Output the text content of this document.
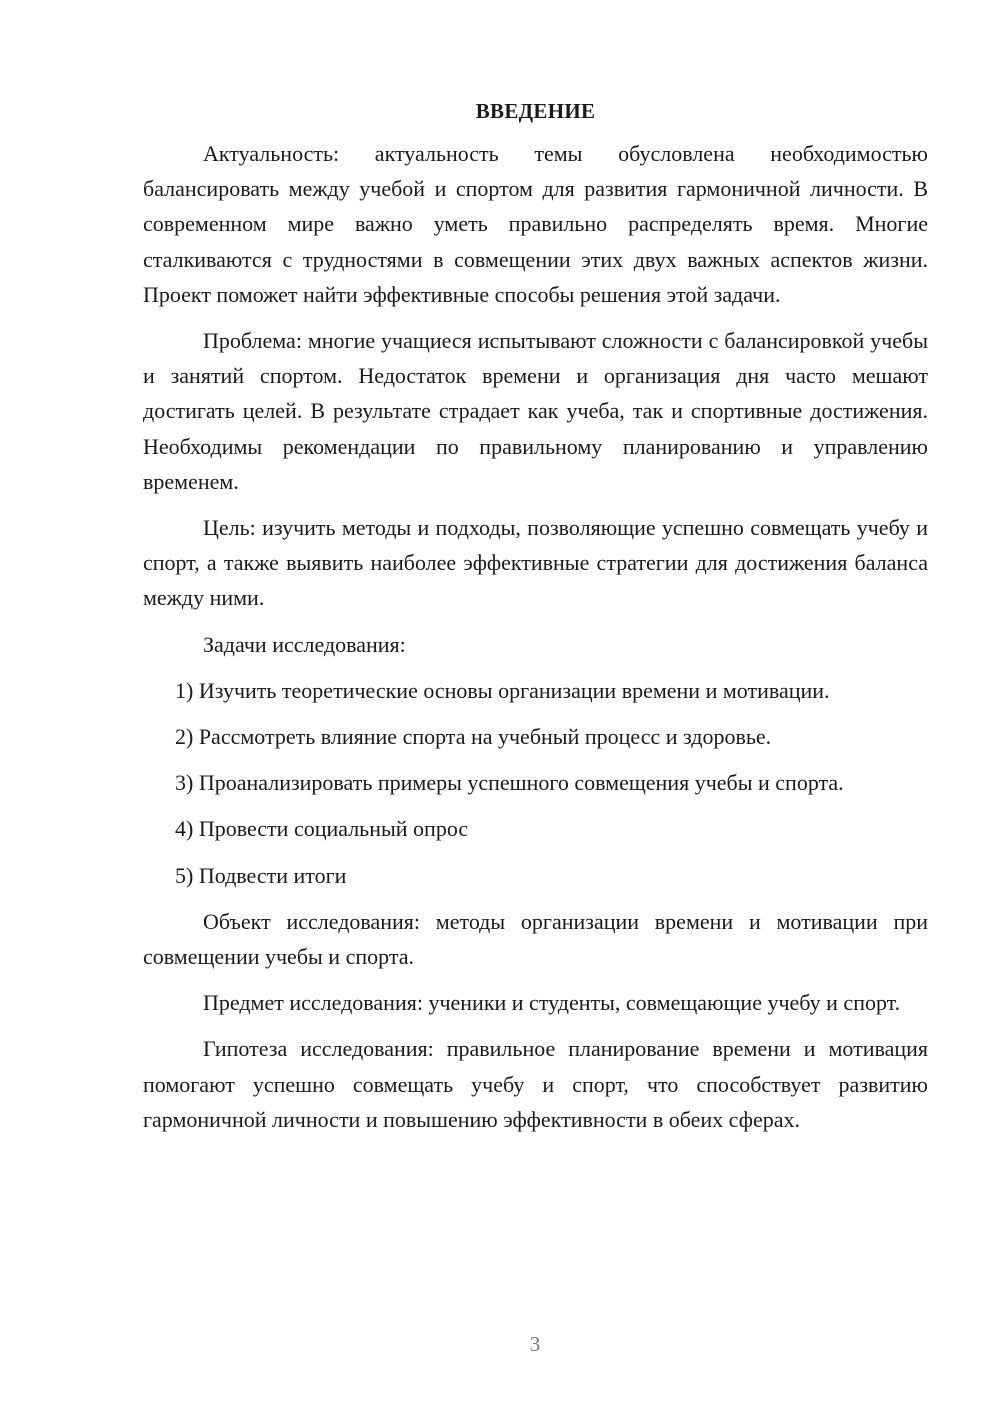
ВВЕДЕНИЕ

Актуальность: актуальность темы обусловлена необходимостью балансировать между учебой и спортом для развития гармоничной личности. В современном мире важно уметь правильно распределять время. Многие сталкиваются с трудностями в совмещении этих двух важных аспектов жизни. Проект поможет найти эффективные способы решения этой задачи.

Проблема: многие учащиеся испытывают сложности с балансировкой учебы и занятий спортом. Недостаток времени и организация дня часто мешают достигать целей. В результате страдает как учеба, так и спортивные достижения. Необходимы рекомендации по правильному планированию и управлению временем.

Цель: изучить методы и подходы, позволяющие успешно совмещать учебу и спорт, а также выявить наиболее эффективные стратегии для достижения баланса между ними.

Задачи исследования:

1) Изучить теоретические основы организации времени и мотивации.

2) Рассмотреть влияние спорта на учебный процесс и здоровье.

3) Проанализировать примеры успешного совмещения учебы и спорта.

4) Провести социальный опрос

5) Подвести итоги

Объект исследования: методы организации времени и мотивации при совмещении учебы и спорта.

Предмет исследования: ученики и студенты, совмещающие учебу и спорт.

Гипотеза исследования: правильное планирование времени и мотивация помогают успешно совмещать учебу и спорт, что способствует развитию гармоничной личности и повышению эффективности в обеих сферах.

3
